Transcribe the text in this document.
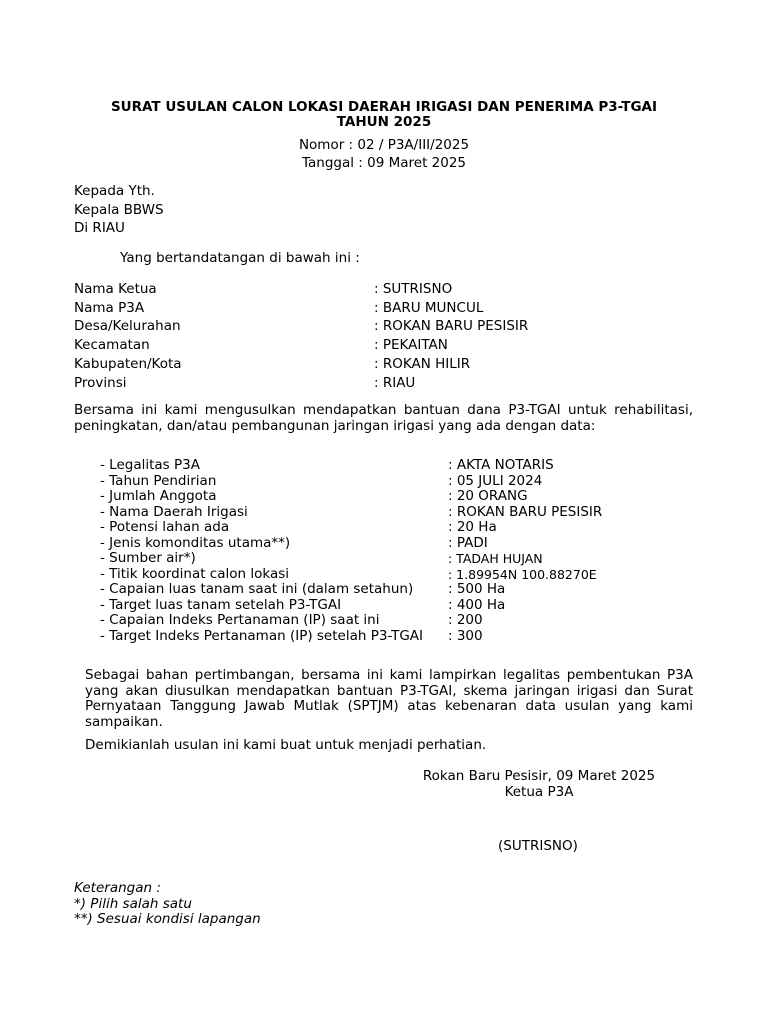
SURAT USULAN CALON LOKASI DAERAH IRIGASI DAN PENERIMA P3-TGAI
TAHUN 2025
Nomor : 02 / P3A/III/2025
Tanggal : 09 Maret 2025
Kepada Yth.
Kepala BBWS
Di RIAU
Yang bertandatangan di bawah ini :
Nama Ketua	: SUTRISNO
Nama P3A	: BARU MUNCUL
Desa/Kelurahan	: ROKAN BARU PESISIR
Kecamatan	: PEKAITAN
Kabupaten/Kota	: ROKAN HILIR
Provinsi	: RIAU
Bersama ini kami mengusulkan mendapatkan bantuan dana P3-TGAI untuk rehabilitasi, peningkatan, dan/atau pembangunan jaringan irigasi yang ada dengan data:
- Legalitas P3A	: AKTA NOTARIS
- Tahun Pendirian	: 05 JULI 2024
- Jumlah Anggota	: 20 ORANG
- Nama Daerah Irigasi	: ROKAN BARU PESISIR
- Potensi lahan ada	: 20 Ha
- Jenis komonditas utama**)	: PADI
- Sumber air*)	: TADAH HUJAN
- Titik koordinat calon lokasi	: 1.89954N 100.88270E
- Capaian luas tanam saat ini (dalam setahun)	: 500 Ha
- Target luas tanam setelah P3-TGAI	: 400 Ha
- Capaian Indeks Pertanaman (IP) saat ini	: 200
- Target Indeks Pertanaman (IP) setelah P3-TGAI	: 300
Sebagai bahan pertimbangan, bersama ini kami lampirkan legalitas pembentukan P3A yang akan diusulkan mendapatkan bantuan P3-TGAI, skema jaringan irigasi dan Surat Pernyataan Tanggung Jawab Mutlak (SPTJM) atas kebenaran data usulan yang kami sampaikan.
Demikianlah usulan ini kami buat untuk menjadi perhatian.
Rokan Baru Pesisir, 09 Maret 2025
Ketua P3A
(SUTRISNO)
Keterangan :
*) Pilih salah satu
**) Sesuai kondisi lapangan
